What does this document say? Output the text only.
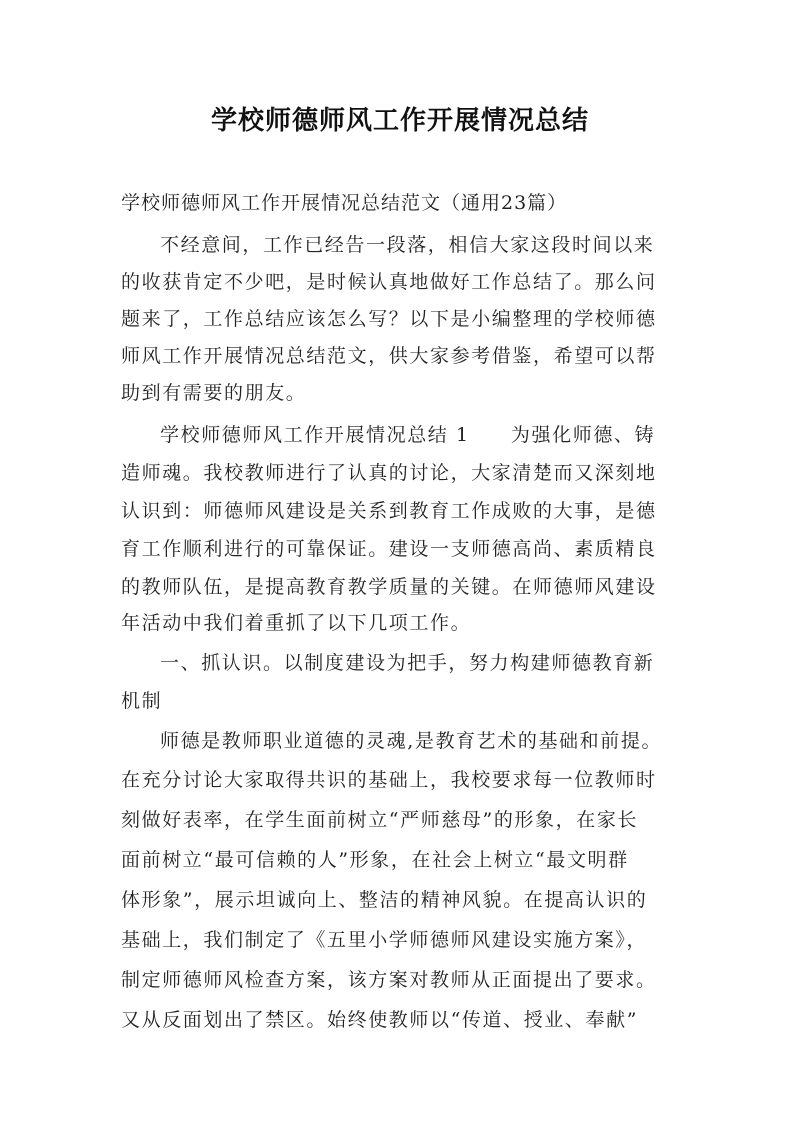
学校师德师风工作开展情况总结
学校师德师风工作开展情况总结范文（通用23篇）
不经意间，工作已经告一段落，相信大家这段时间以来
的收获肯定不少吧，是时候认真地做好工作总结了。那么问
题来了，工作总结应该怎么写？以下是小编整理的学校师德
师风工作开展情况总结范文，供大家参考借鉴，希望可以帮
助到有需要的朋友。
学校师德师风工作开展情况总结 1　　为强化师德、铸
造师魂。我校教师进行了认真的讨论，大家清楚而又深刻地
认识到：师德师风建设是关系到教育工作成败的大事，是德
育工作顺利进行的可靠保证。建设一支师德高尚、素质精良
的教师队伍，是提高教育教学质量的关键。在师德师风建设
年活动中我们着重抓了以下几项工作。
一、抓认识。以制度建设为把手，努力构建师德教育新
机制
师德是教师职业道德的灵魂,是教育艺术的基础和前提。
在充分讨论大家取得共识的基础上，我校要求每一位教师时
刻做好表率，在学生面前树立“严师慈母”的形象，在家长
面前树立“最可信赖的人”形象，在社会上树立“最文明群
体形象”，展示坦诚向上、整洁的精神风貌。在提高认识的
基础上，我们制定了《五里小学师德师风建设实施方案》，
制定师德师风检查方案，该方案对教师从正面提出了要求。
又从反面划出了禁区。始终使教师以“传道、授业、奉献”
